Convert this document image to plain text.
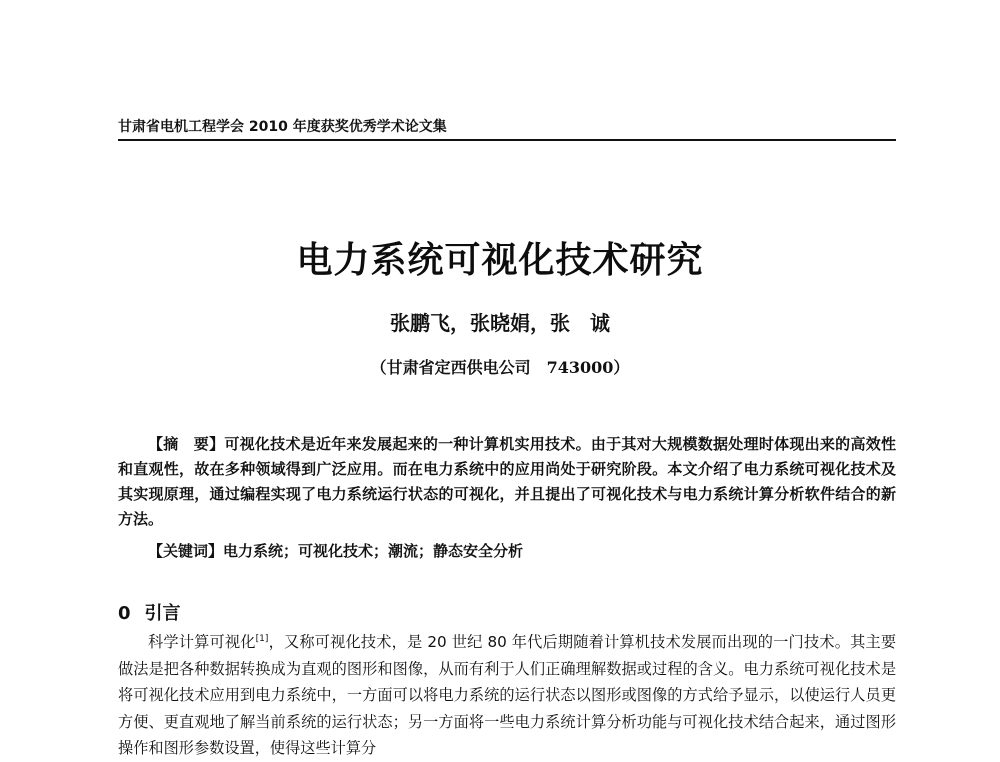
甘肃省电机工程学会 2010 年度获奖优秀学术论文集
电力系统可视化技术研究
张鹏飞，张晓娟，张　诚
（甘肃省定西供电公司　743000）
【摘　要】可视化技术是近年来发展起来的一种计算机实用技术。由于其对大规模数据处理时体现出来的高效性和直观性，故在多种领域得到广泛应用。而在电力系统中的应用尚处于研究阶段。本文介绍了电力系统可视化技术及其实现原理，通过编程实现了电力系统运行状态的可视化，并且提出了可视化技术与电力系统计算分析软件结合的新方法。
【关键词】电力系统；可视化技术；潮流；静态安全分析
0 引言
科学计算可视化[1]，又称可视化技术，是 20 世纪 80 年代后期随着计算机技术发展而出现的一门技术。其主要做法是把各种数据转换成为直观的图形和图像，从而有利于人们正确理解数据或过程的含义。电力系统可视化技术是将可视化技术应用到电力系统中，一方面可以将电力系统的运行状态以图形或图像的方式给予显示，以使运行人员更方便、更直观地了解当前系统的运行状态；另一方面将一些电力系统计算分析功能与可视化技术结合起来，通过图形操作和图形参数设置，使得这些计算分
